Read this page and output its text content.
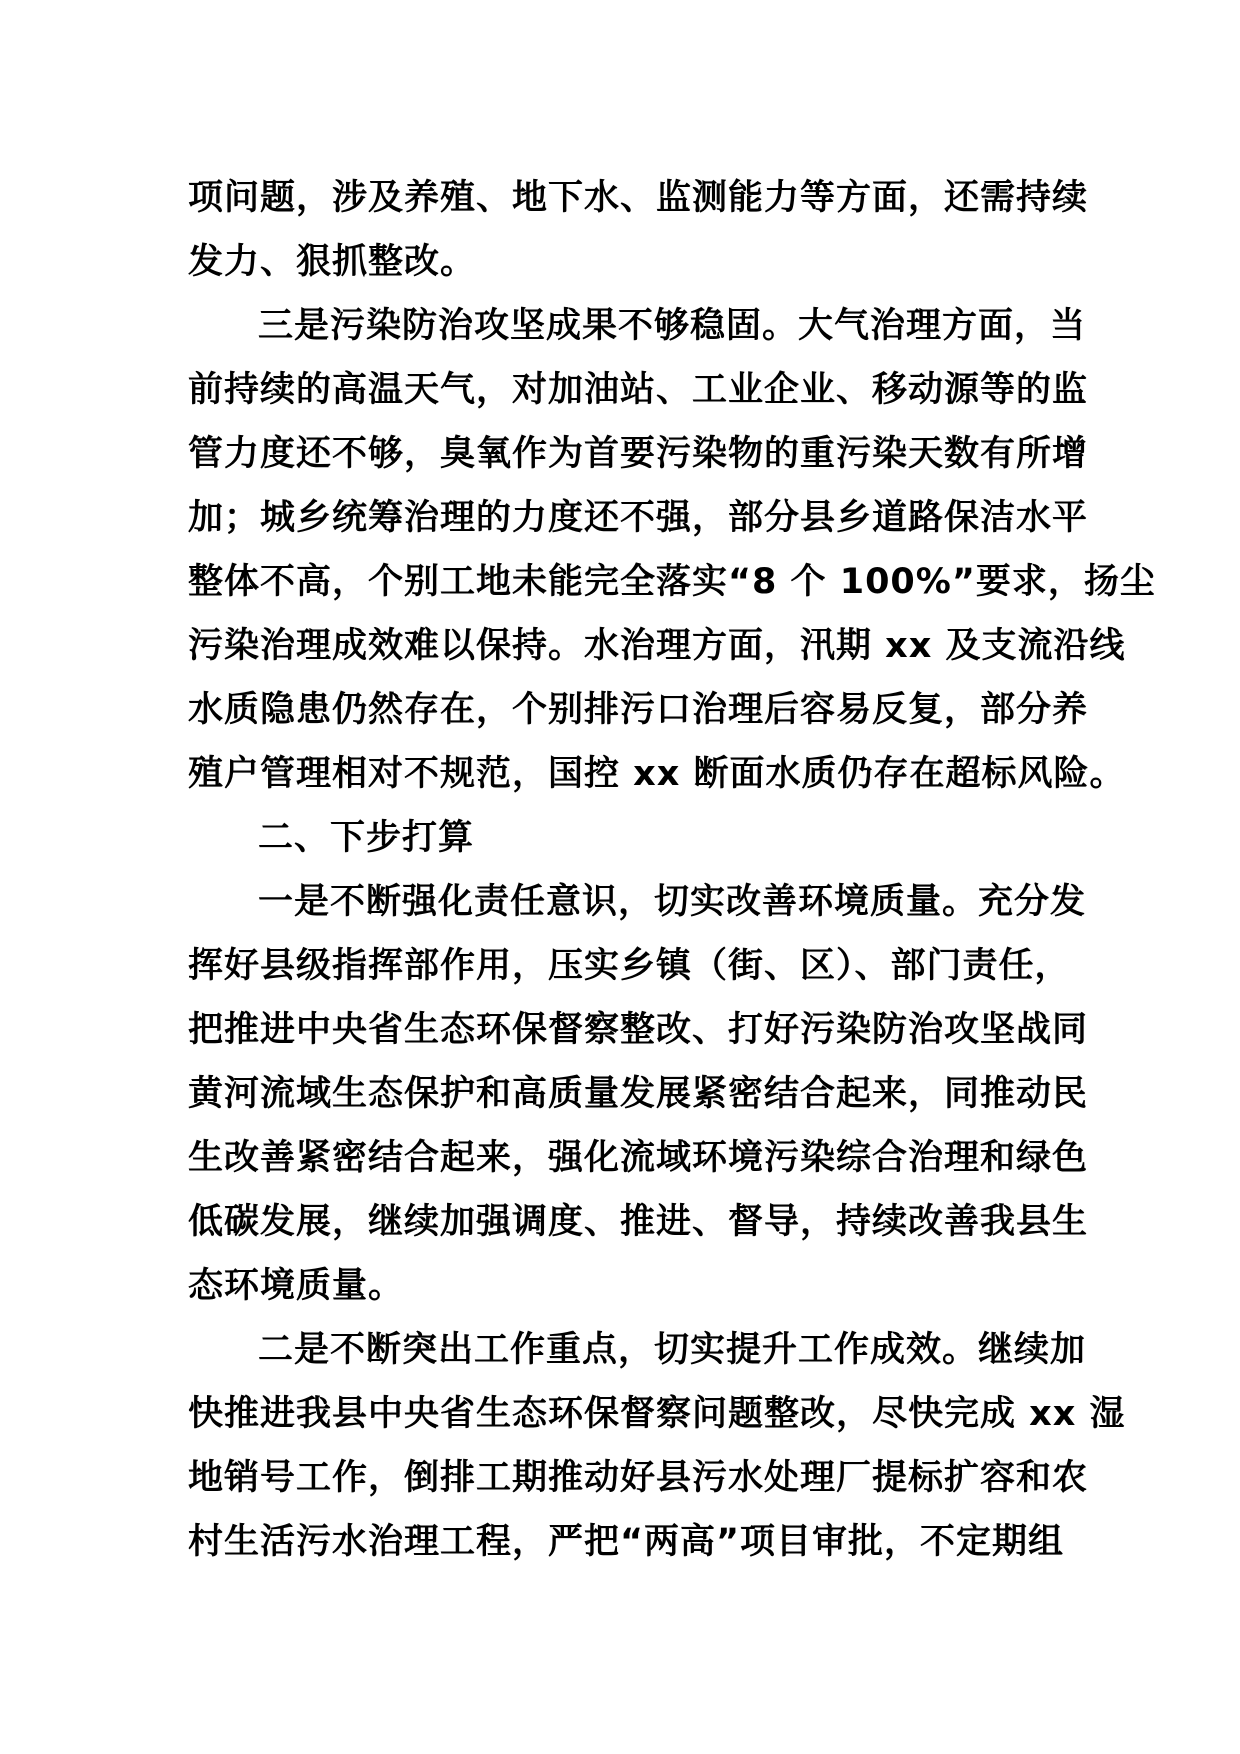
项问题，涉及养殖、地下水、监测能力等方面，还需持续
发力、狠抓整改。
三是污染防治攻坚成果不够稳固。大气治理方面，当
前持续的高温天气，对加油站、工业企业、移动源等的监
管力度还不够，臭氧作为首要污染物的重污染天数有所增
加；城乡统筹治理的力度还不强，部分县乡道路保洁水平
整体不高，个别工地未能完全落实“8 个 100%”要求，扬尘
污染治理成效难以保持。水治理方面，汛期 xx 及支流沿线
水质隐患仍然存在，个别排污口治理后容易反复，部分养
殖户管理相对不规范，国控 xx 断面水质仍存在超标风险。
二、下步打算
一是不断强化责任意识，切实改善环境质量。充分发
挥好县级指挥部作用，压实乡镇（街、区）、部门责任，
把推进中央省生态环保督察整改、打好污染防治攻坚战同
黄河流域生态保护和高质量发展紧密结合起来，同推动民
生改善紧密结合起来，强化流域环境污染综合治理和绿色
低碳发展，继续加强调度、推进、督导，持续改善我县生
态环境质量。
二是不断突出工作重点，切实提升工作成效。继续加
快推进我县中央省生态环保督察问题整改，尽快完成 xx 湿
地销号工作，倒排工期推动好县污水处理厂提标扩容和农
村生活污水治理工程，严把“两高”项目审批，不定期组
